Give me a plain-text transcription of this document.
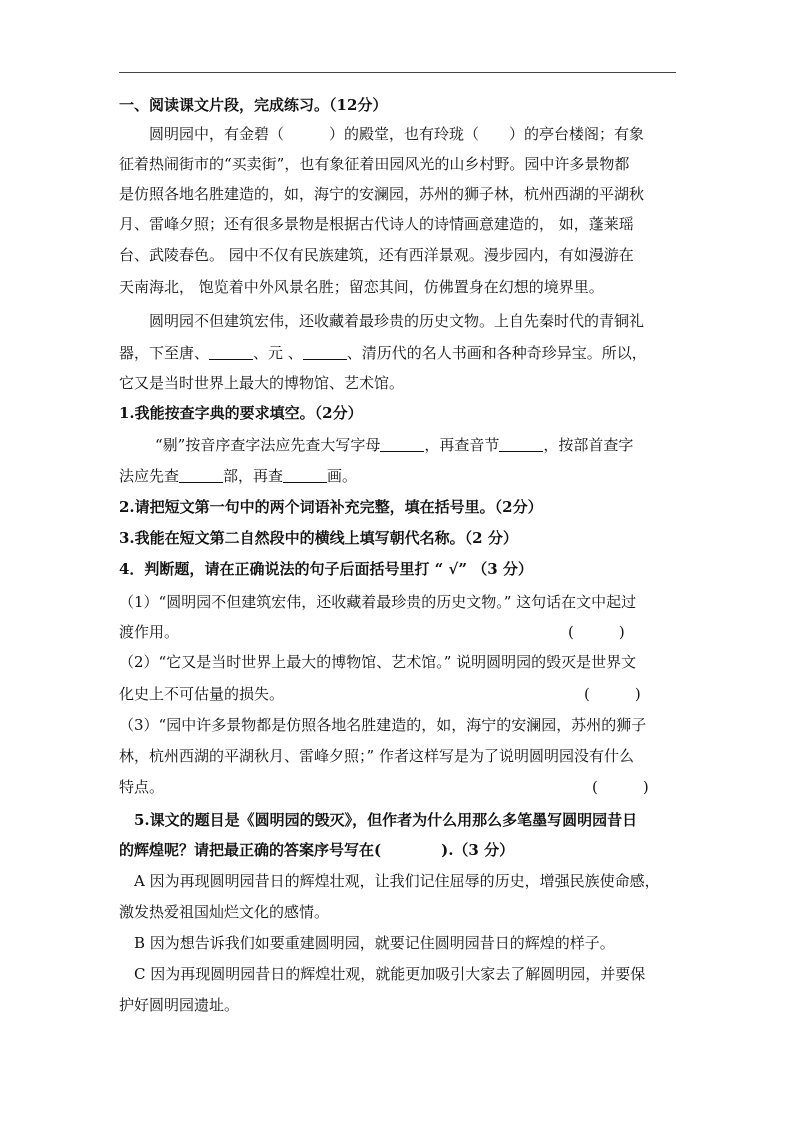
一、阅读课文片段，完成练习。（12分）
圆明园中，有金碧（　　　）的殿堂，也有玲珑（　　）的亭台楼阁；有象
征着热闹街市的“买卖街”，也有象征着田园风光的山乡村野。园中许多景物都
是仿照各地名胜建造的，如，海宁的安澜园，苏州的狮子林，杭州西湖的平湖秋
月、雷峰夕照；还有很多景物是根据古代诗人的诗情画意建造的， 如，蓬莱瑶
台、武陵春色。 园中不仅有民族建筑，还有西洋景观。漫步园内，有如漫游在
天南海北， 饱览着中外风景名胜；留恋其间，仿佛置身在幻想的境界里。
圆明园不但建筑宏伟，还收藏着最珍贵的历史文物。上自先秦时代的青铜礼
器，下至唐、	、元 、	、清历代的名人书画和各种奇珍异宝。所以，
它又是当时世界上最大的博物馆、艺术馆。
1.我能按查字典的要求填空。（2分）
“剔”按音序查字法应先查大写字母	，再查音节	，按部首查字
法应先查	部，再查	画。
2.请把短文第一句中的两个词语补充完整，填在括号里。（2分）
3.我能在短文第二自然段中的横线上填写朝代名称。（2 分）
4．判断题，请在正确说法的句子后面括号里打 “ √” （3 分）
（1）“圆明园不但建筑宏伟，还收藏着最珍贵的历史文物。” 这句话在文中起过
渡作用。	(　　　)
（2）“它又是当时世界上最大的博物馆、艺术馆。” 说明圆明园的毁灭是世界文
化史上不可估量的损失。	(　　　)
（3）“园中许多景物都是仿照各地名胜建造的，如，海宁的安澜园，苏州的狮子
林，杭州西湖的平湖秋月、雷峰夕照；” 作者这样写是为了说明圆明园没有什么
特点。	(　　　)
5.课文的题目是《圆明园的毁灭》，但作者为什么用那么多笔墨写圆明园昔日
的辉煌呢？请把最正确的答案序号写在(　　　　).（3 分）
A 因为再现圆明园昔日的辉煌壮观，让我们记住屈辱的历史，增强民族使命感，
激发热爱祖国灿烂文化的感情。
B 因为想告诉我们如要重建圆明园，就要记住圆明园昔日的辉煌的样子。
C 因为再现圆明园昔日的辉煌壮观，就能更加吸引大家去了解圆明园，并要保
护好圆明园遗址。
